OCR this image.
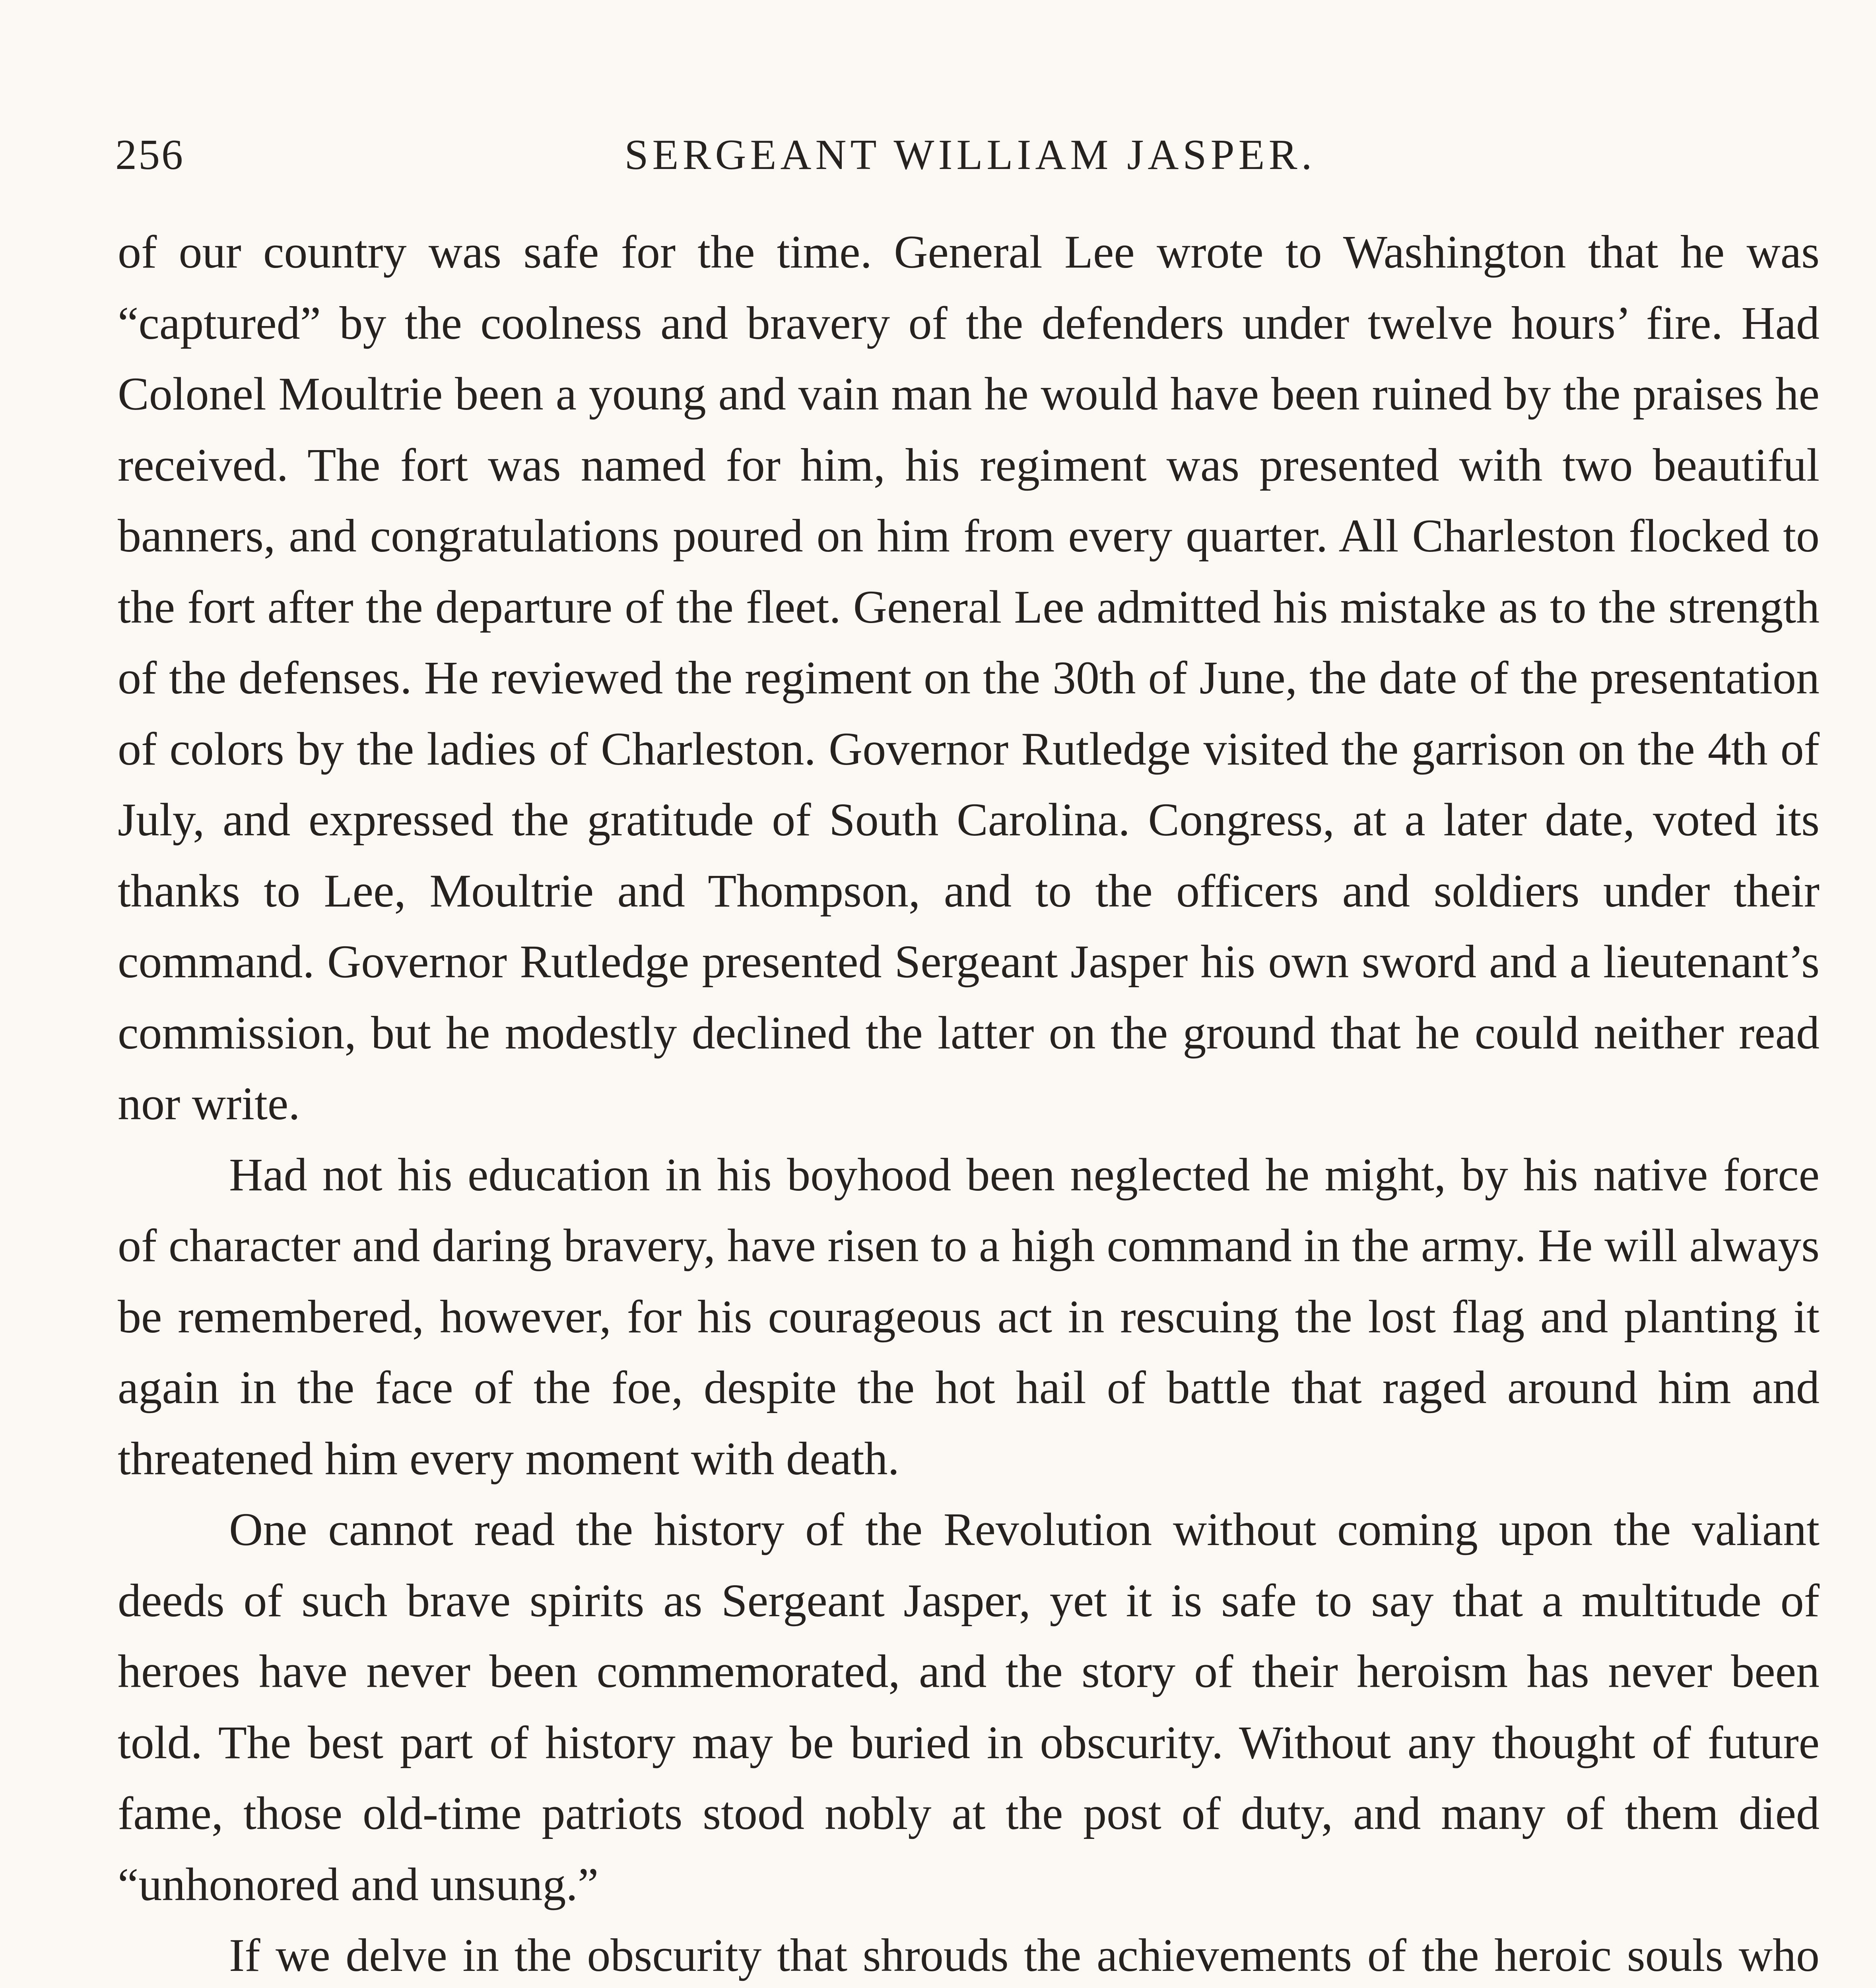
256	SERGEANT WILLIAM JASPER.

of our country was safe for the time. General Lee wrote to Washington that he was “captured” by the coolness and bravery of the defenders under twelve hours’ fire. Had Colonel Moultrie been a young and vain man he would have been ruined by the praises he received. The fort was named for him, his regiment was presented with two beautiful banners, and congratulations poured on him from every quarter. All Charleston flocked to the fort after the departure of the fleet. General Lee admitted his mistake as to the strength of the defenses. He reviewed the regiment on the 30th of June, the date of the presentation of colors by the ladies of Charleston. Governor Rutledge visited the garrison on the 4th of July, and expressed the gratitude of South Carolina. Congress, at a later date, voted its thanks to Lee, Moultrie and Thompson, and to the officers and soldiers under their command. Governor Rutledge presented Sergeant Jasper his own sword and a lieutenant’s commission, but he modestly declined the latter on the ground that he could neither read nor write.

Had not his education in his boyhood been neglected he might, by his native force of character and daring bravery, have risen to a high command in the army. He will always be remembered, however, for his courageous act in rescuing the lost flag and planting it again in the face of the foe, despite the hot hail of battle that raged around him and threatened him every moment with death.

One cannot read the history of the Revolution without coming upon the valiant deeds of such brave spirits as Sergeant Jasper, yet it is safe to say that a multitude of heroes have never been commemorated, and the story of their heroism has never been told. The best part of history may be buried in obscurity. Without any thought of future fame, those old-time patriots stood nobly at the post of duty, and many of them died “unhonored and unsung.”

If we delve in the obscurity that shrouds the achievements of the heroic souls who
